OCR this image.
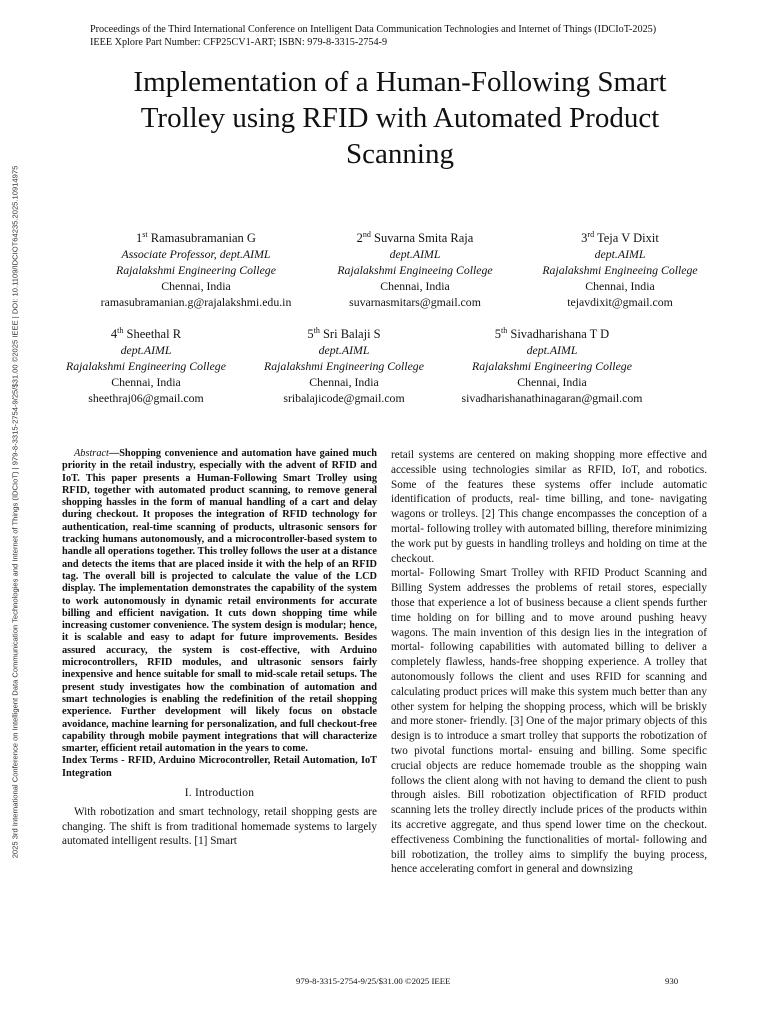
Proceedings of the Third International Conference on Intelligent Data Communication Technologies and Internet of Things (IDCIoT-2025)
IEEE Xplore Part Number: CFP25CV1-ART; ISBN: 979-8-3315-2754-9
2025 3rd International Conference on Intelligent Data Communication Technologies and Internet of Things (IDCIoT) | 979-8-3315-2754-9/25/$31.00 ©2025 IEEE | DOI: 10.1109/IDCIOT64235.2025.10914975
Implementation of a Human-Following Smart
Trolley using RFID with Automated Product
Scanning
1st Ramasubramanian G
Associate Professor, dept.AIML
Rajalakshmi Engineering College
Chennai, India
ramasubramanian.g@rajalakshmi.edu.in
2nd Suvarna Smita Raja
dept.AIML
Rajalakshmi Engineeing College
Chennai, India
suvarnasmitars@gmail.com
3rd Teja V Dixit
dept.AIML
Rajalakshmi Engineeing College
Chennai, India
tejavdixit@gmail.com
4th Sheethal R
dept.AIML
Rajalakshmi Engineering College
Chennai, India
sheethraj06@gmail.com
5th Sri Balaji S
dept.AIML
Rajalakshmi Engineering College
Chennai, India
sribalajicode@gmail.com
5th Sivadharishana T D
dept.AIML
Rajalakshmi Engineering College
Chennai, India
sivadharishanathinagaran@gmail.com

Abstract—Shopping convenience and automation have gained much priority in the retail industry, especially with the advent of RFID and IoT. This paper presents a Human-Following Smart Trolley using RFID, together with automated product scanning, to remove general shopping hassles in the form of manual handling of a cart and delay during checkout. It proposes the integration of RFID technology for authentication, real-time scanning of products, ultrasonic sensors for tracking humans autonomously, and a microcontroller-based system to handle all operations together. This trolley follows the user at a distance and detects the items that are placed inside it with the help of an RFID tag. The overall bill is projected to calculate the value of the LCD display. The implementation demonstrates the capability of the system to work autonomously in dynamic retail environments for accurate billing and efficient navigation. It cuts down shopping time while increasing customer convenience. The system design is modular; hence, it is scalable and easy to adapt for future improvements. Besides assured accuracy, the system is cost-effective, with Arduino microcontrollers, RFID modules, and ultrasonic sensors fairly inexpensive and hence suitable for small to mid-scale retail setups. The present study investigates how the combination of automation and smart technologies is enabling the redefinition of the retail shopping experience. Further development will likely focus on obstacle avoidance, machine learning for personalization, and full checkout-free capability through mobile payment integrations that will characterize smarter, efficient retail automation in the years to come.

Index Terms - RFID, Arduino Microcontroller, Retail Automation, IoT Integration

I. Introduction

With robotization and smart technology, retail shopping gests are changing. The shift is from traditional homemade systems to largely automated intelligent results. [1] Smart

retail systems are centered on making shopping more effective and accessible using technologies similar as RFID, IoT, and robotics. Some of the features these systems offer include automatic identification of products, real- time billing, and tone- navigating wagons or trolleys. [2] This change encompasses the conception of a mortal- following trolley with automated billing, therefore minimizing the work put by guests in handling trolleys and holding on time at the checkout.

mortal- Following Smart Trolley with RFID Product Scanning and Billing System addresses the problems of retail stores, especially those that experience a lot of business because a client spends further time holding on for billing and to move around pushing heavy wagons. The main invention of this design lies in the integration of mortal- following capabilities with automated billing to deliver a completely flawless, hands-free shopping experience. A trolley that autonomously follows the client and uses RFID for scanning and calculating product prices will make this system much better than any other system for helping the shopping process, which will be briskly and more stoner- friendly. [3] One of the major primary objects of this design is to introduce a smart trolley that supports the robotization of two pivotal functions mortal- ensuing and billing. Some specific crucial objects are reduce homemade trouble as the shopping wain follows the client along with not having to demand the client to push through aisles. Bill robotization objectification of RFID product scanning lets the trolley directly include prices of the products within its accretive aggregate, and thus spend lower time on the checkout. effectiveness Combining the functionalities of mortal- following and bill robotization, the trolley aims to simplify the buying process, hence accelerating comfort in general and downsizing

979-8-3315-2754-9/25/$31.00 ©2025 IEEE	930
